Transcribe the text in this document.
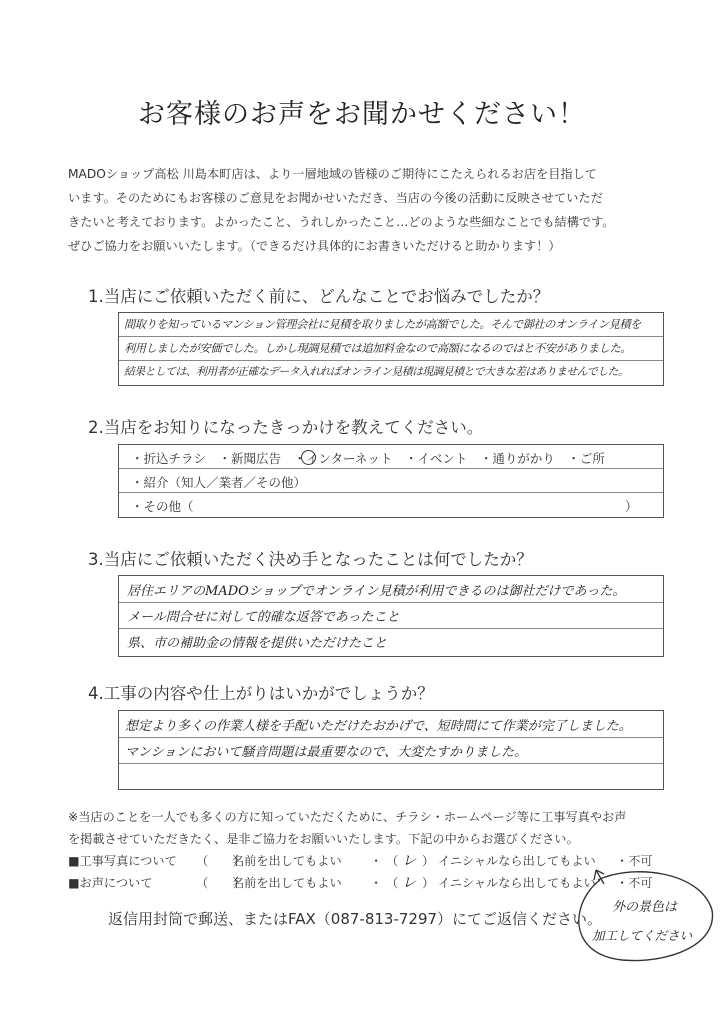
お客様のお声をお聞かせください！
MADOショップ高松 川島本町店は、より一層地域の皆様のご期待にこたえられるお店を目指して
います。そのためにもお客様のご意見をお聞かせいただき、当店の今後の活動に反映させていただ
きたいと考えております。よかったこと、うれしかったこと…どのような些細なことでも結構です。
ぜひご協力をお願いいたします。（できるだけ具体的にお書きいただけると助かります！）
1.当店にご依頼いただく前に、どんなことでお悩みでしたか？
間取りを知っているマンション管理会社に見積を取りましたが高額でした。そんで御社のオンライン見積を
利用しましたが安価でした。しかし現調見積では追加料金なので高額になるのではと不安がありました。
結果としては、利用者が正確なデータ入れればオンライン見積は現調見積とで大きな差はありませんでした。
2.当店をお知りになったきっかけを教えてください。
・折込チラシ　・新聞広告　・インターネット　・イベント　・通りがかり　・ご所
・紹介（知人／業者／その他）
・その他（	）
3.当店にご依頼いただく決め手となったことは何でしたか？
居住エリアのMADOショップでオンライン見積が利用できるのは御社だけであった。
メール問合せに対して的確な返答であったこと
県、市の補助金の情報を提供いただけたこと
4.工事の内容や仕上がりはいかがでしょうか？
想定より多くの作業人様を手配いただけたおかげで、短時間にて作業が完了しました。
マンションにおいて騒音問題は最重要なので、大変たすかりました。
※当店のことを一人でも多くの方に知っていただくために、チラシ・ホームページ等に工事写真やお声
を掲載させていただきたく、是非ご協力をお願いいたします。下記の中からお選びください。
■工事写真について （　　）
名前を出してもよい ・ （ レ ） イニシャルなら出してもよい ・不可
■お声について	（　　）
名前を出してもよい ・ （ レ ） イニシャルなら出してもよい ・不可
返信用封筒で郵送、またはFAX（087-813-7297）にてご返信ください。
外の景色は
加工してください
